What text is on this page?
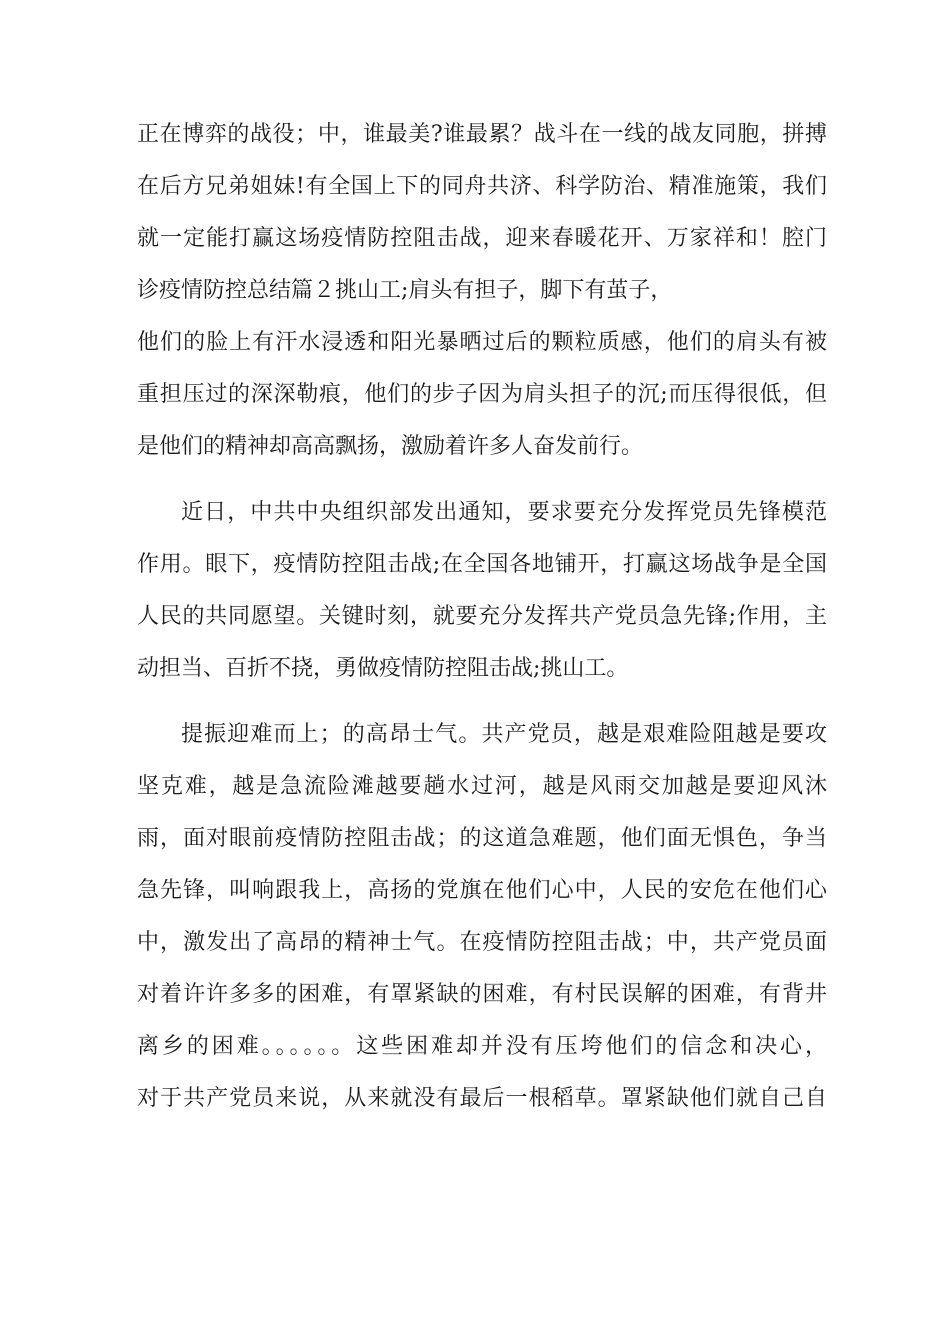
正在博弈的战役；中，谁最美?谁最累？战斗在一线的战友同胞，拼搏
在后方兄弟姐妹!有全国上下的同舟共济、科学防治、精准施策，我们
就一定能打赢这场疫情防控阻击战，迎来春暖花开、万家祥和！腔门
诊疫情防控总结篇２挑山工;肩头有担子，脚下有茧子，
他们的脸上有汗水浸透和阳光暴晒过后的颗粒质感，他们的肩头有被
重担压过的深深勒痕，他们的步子因为肩头担子的沉;而压得很低，但
是他们的精神却高高飘扬，激励着许多人奋发前行。
近日，中共中央组织部发出通知，要求要充分发挥党员先锋模范
作用。眼下，疫情防控阻击战;在全国各地铺开，打赢这场战争是全国
人民的共同愿望。关键时刻，就要充分发挥共产党员急先锋;作用，主
动担当、百折不挠，勇做疫情防控阻击战;挑山工。
提振迎难而上；的高昂士气。共产党员，越是艰难险阻越是要攻
坚克难，越是急流险滩越要趟水过河，越是风雨交加越是要迎风沐
雨，面对眼前疫情防控阻击战；的这道急难题，他们面无惧色，争当
急先锋，叫响跟我上，高扬的党旗在他们心中，人民的安危在他们心
中，激发出了高昂的精神士气。在疫情防控阻击战；中，共产党员面
对着许许多多的困难，有罩紧缺的困难，有村民误解的困难，有背井
离乡的困难。。。。。。这些困难却并没有压垮他们的信念和决心，
对于共产党员来说，从来就没有最后一根稻草。罩紧缺他们就自己自
